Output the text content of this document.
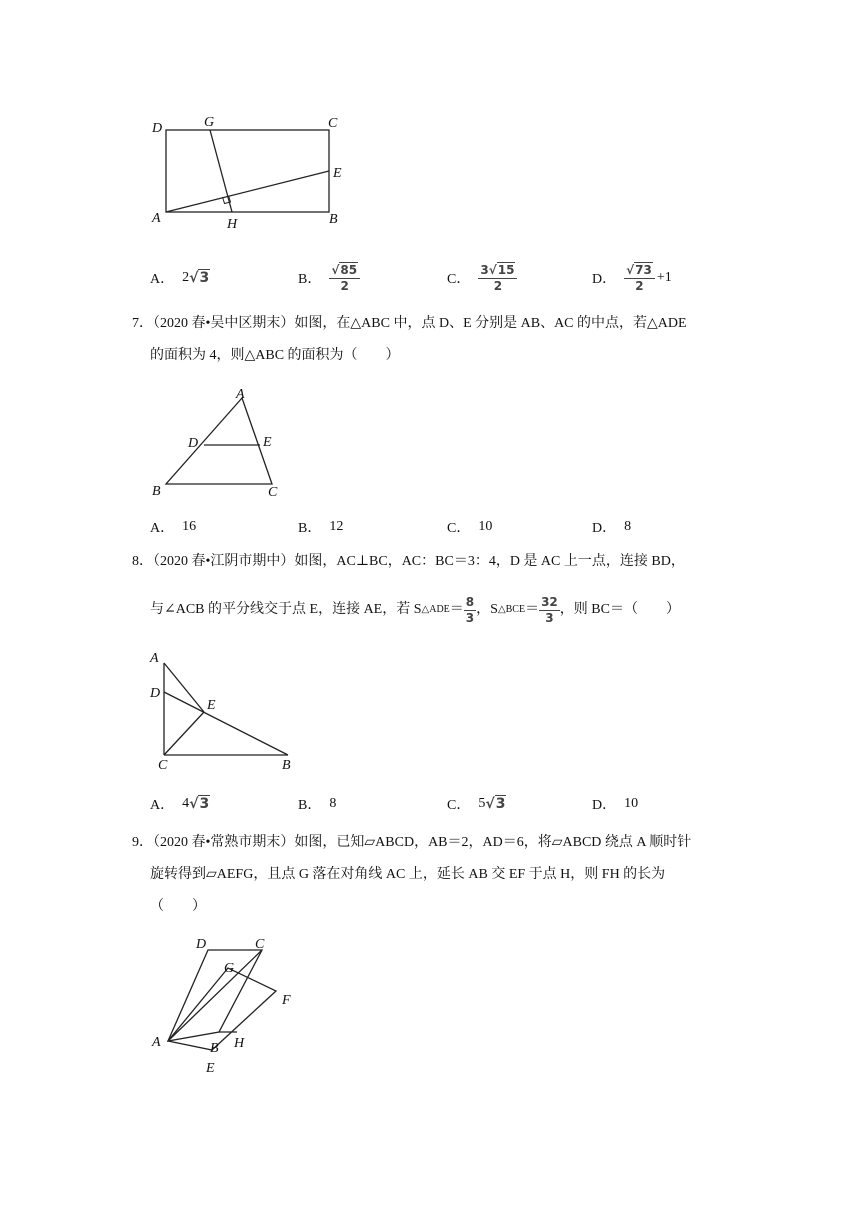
D	G	C
E
A	H	B
A． 2 √3	B． $\frac{√85}{2}$	C． $\frac{3√15}{2}$	D． $\frac{√73}{2} +1$
7．（2020 春•吴中区期末）如图，在△ABC 中，点 D、E 分别是 AB、AC 的中点，若△ADE
的面积为 4，则△ABC 的面积为（　　）
A
D	E
B	C
A． 16	B． 12	C． 10	D． 8
8．（2020 春•江阴市期中）如图，AC⊥BC，AC：BC＝3：4，D 是 AC 上一点，连接 BD，
与∠ACB 的平分线交于点 E，连接 AE，若 S △ADE ＝ $\frac{8}{3}$ ，S △BCE ＝ $\frac{32}{3}$ ，则 BC＝（　　）
A
D
E
C	B
A． 4 √3	B． 8	C． 5 √3	D． 10
9．（2020 春•常熟市期末）如图，已知▱ABCD，AB＝2，AD＝6，将▱ABCD 绕点 A 顺时针
旋转得到▱AEFG，且点 G 落在对角线 AC 上，延长 AB 交 EF 于点 H，则 FH 的长为
（　　）
D	C
G
F
A	B H
E
